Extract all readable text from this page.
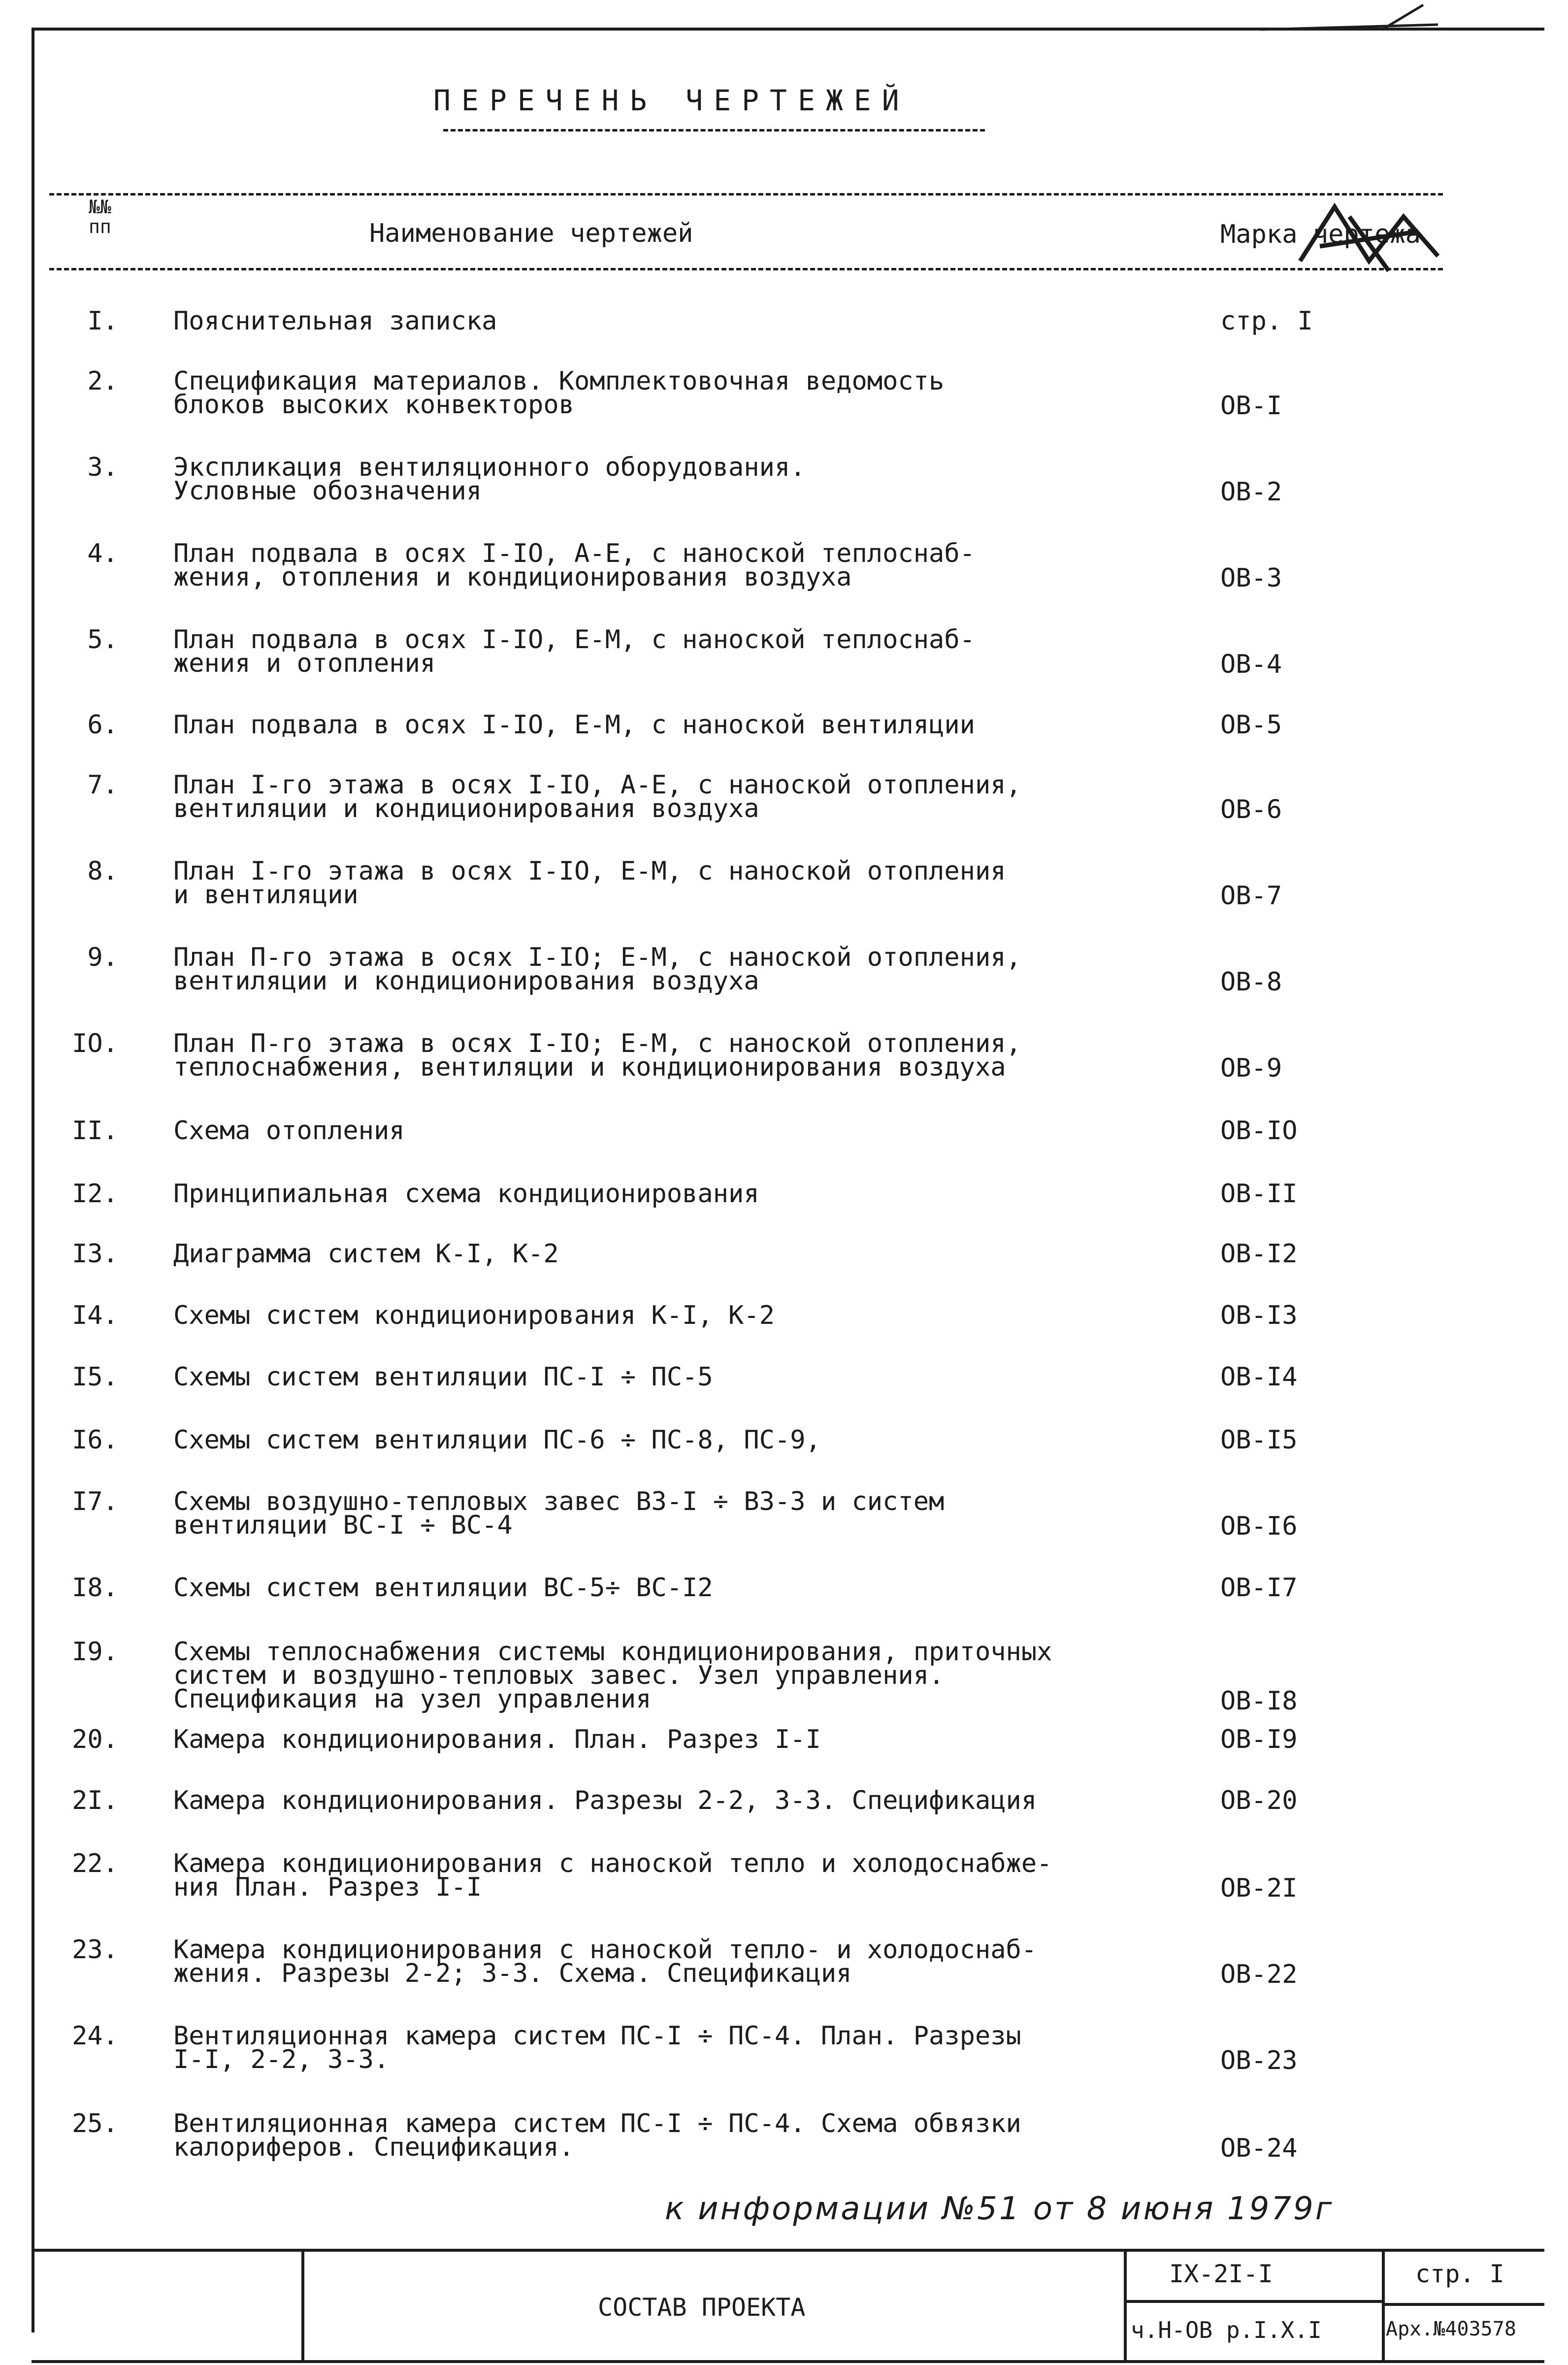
ПЕРЕЧЕНЬ ЧЕРТЕЖЕЙ
№№
пп	Наименование чертежей	Марка чертежа
I. Пояснительная записка	стр. I
2. Спецификация материалов. Комплектовочная ведомость
блоков высоких конвекторов	ОВ-I
3. Экспликация вентиляционного оборудования.
Условные обозначения	ОВ-2
4. План подвала в осях I-IO, А-Е, с наноской теплоснаб-
жения, отопления и кондиционирования воздуха	ОВ-3
5. План подвала в осях I-IO, Е-М, с наноской теплоснаб-
жения и отопления	ОВ-4
6. План подвала в осях I-IO, Е-М, с наноской вентиляции	ОВ-5
7. План I-го этажа в осях I-IO, А-Е, с наноской отопления,
вентиляции и кондиционирования воздуха	ОВ-6
8. План I-го этажа в осях I-IO, Е-М, с наноской отопления
и вентиляции	ОВ-7
9. План П-го этажа в осях I-IO; Е-М, с наноской отопления,
вентиляции и кондиционирования воздуха	ОВ-8
IO. План П-го этажа в осях I-IO; Е-М, с наноской отопления,
теплоснабжения, вентиляции и кондиционирования воздуха	ОВ-9
II. Схема отопления	ОВ-IO
I2. Принципиальная схема кондиционирования	ОВ-II
I3. Диаграмма систем К-I, К-2	ОВ-I2
I4. Схемы систем кондиционирования К-I, К-2	ОВ-I3
I5. Схемы систем вентиляции ПС-I ÷ ПС-5	ОВ-I4
I6. Схемы систем вентиляции ПС-6 ÷ ПС-8, ПС-9,	ОВ-I5
I7. Схемы воздушно-тепловых завес ВЗ-I ÷ ВЗ-3 и систем
вентиляции ВС-I ÷ ВС-4	ОВ-I6
I8. Схемы систем вентиляции ВС-5÷ ВС-I2	ОВ-I7
I9. Схемы теплоснабжения системы кондиционирования, приточных
систем и воздушно-тепловых завес. Узел управления.
Спецификация на узел управления	ОВ-I8
20. Камера кондиционирования. План. Разрез I-I	ОВ-I9
2I. Камера кондиционирования. Разрезы 2-2, 3-3. Спецификация	ОВ-20
22. Камера кондиционирования с наноской тепло и холодоснабже-
ния План. Разрез I-I	ОВ-2I
23. Камера кондиционирования с наноской тепло- и холодоснаб-
жения. Разрезы 2-2; 3-3. Схема. Спецификация	ОВ-22
24. Вентиляционная камера систем ПС-I ÷ ПС-4. План. Разрезы
I-I, 2-2, 3-3.	ОВ-23
25. Вентиляционная камера систем ПС-I ÷ ПС-4. Схема обвязки
калориферов. Спецификация.	ОВ-24
к информации №51 от 8 июня 1979г
СОСТАВ ПРОЕКТА
IX-2I-I
ч.Н-ОВ р.I.X.I
стр. I
Арх.№403578
